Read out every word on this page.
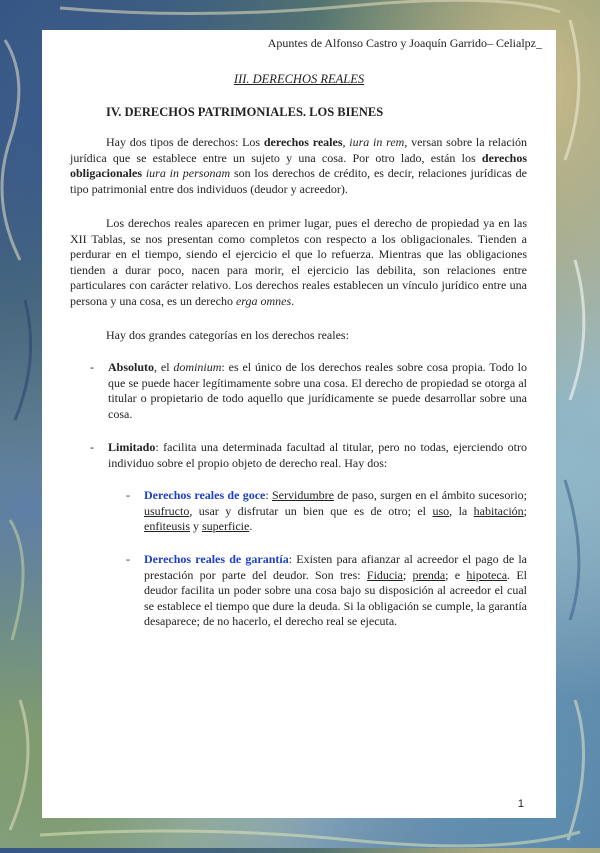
Apuntes de Alfonso Castro y Joaquín Garrido– Celialpz_
III. DERECHOS REALES
IV. DERECHOS PATRIMONIALES. LOS BIENES

Hay dos tipos de derechos: Los derechos reales, iura in rem, versan sobre la relación jurídica que se establece entre un sujeto y una cosa. Por otro lado, están los derechos obligacionales iura in personam son los derechos de crédito, es decir, relaciones jurídicas de tipo patrimonial entre dos individuos (deudor y acreedor).

Los derechos reales aparecen en primer lugar, pues el derecho de propiedad ya en las XII Tablas, se nos presentan como completos con respecto a los obligacionales. Tienden a perdurar en el tiempo, siendo el ejercicio el que lo refuerza. Mientras que las obligaciones tienden a durar poco, nacen para morir, el ejercicio las debilita, son relaciones entre particulares con carácter relativo. Los derechos reales establecen un vínculo jurídico entre una persona y una cosa, es un derecho erga omnes.

Hay dos grandes categorías en los derechos reales:

- Absoluto, el dominium: es el único de los derechos reales sobre cosa propia. Todo lo que se puede hacer legítimamente sobre una cosa. El derecho de propiedad se otorga al titular o propietario de todo aquello que jurídicamente se puede desarrollar sobre una cosa.

- Limitado: facilita una determinada facultad al titular, pero no todas, ejerciendo otro individuo sobre el propio objeto de derecho real. Hay dos:

- Derechos reales de goce: Servidumbre de paso, surgen en el ámbito sucesorio; usufructo, usar y disfrutar un bien que es de otro; el uso, la habitación; enfiteusis y superficie.

- Derechos reales de garantía: Existen para afianzar al acreedor el pago de la prestación por parte del deudor. Son tres: Fiducia; prenda; e hipoteca. El deudor facilita un poder sobre una cosa bajo su disposición al acreedor el cual se establece el tiempo que dure la deuda. Si la obligación se cumple, la garantía desaparece; de no hacerlo, el derecho real se ejecuta.

1
